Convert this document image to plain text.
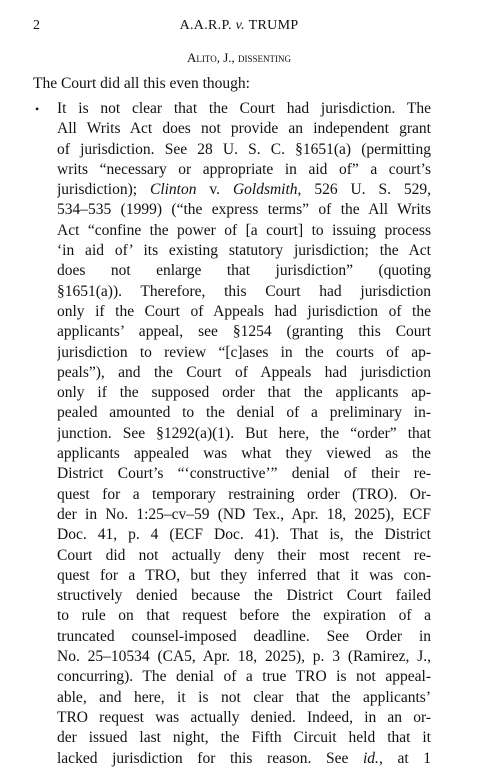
2	A.A.R.P. v. TRUMP
Alito, J., dissenting
The Court did all this even though:
• It is not clear that the Court had jurisdiction. The
All Writs Act does not provide an independent grant
of jurisdiction. See 28 U. S. C. §1651(a) (permitting
writs “necessary or appropriate in aid of” a court’s
jurisdiction); Clinton v. Goldsmith, 526 U. S. 529,
534–535 (1999) (“the express terms” of the All Writs
Act “confine the power of [a court] to issuing process
‘in aid of’ its existing statutory jurisdiction; the Act
does not enlarge that jurisdiction” (quoting
§1651(a)). Therefore, this Court had jurisdiction
only if the Court of Appeals had jurisdiction of the
applicants’ appeal, see §1254 (granting this Court
jurisdiction to review “[c]ases in the courts of ap-
peals”), and the Court of Appeals had jurisdiction
only if the supposed order that the applicants ap-
pealed amounted to the denial of a preliminary in-
junction. See §1292(a)(1). But here, the “order” that
applicants appealed was what they viewed as the
District Court’s “‘constructive’” denial of their re-
quest for a temporary restraining order (TRO). Or-
der in No. 1:25–cv–59 (ND Tex., Apr. 18, 2025), ECF
Doc. 41, p. 4 (ECF Doc. 41). That is, the District
Court did not actually deny their most recent re-
quest for a TRO, but they inferred that it was con-
structively denied because the District Court failed
to rule on that request before the expiration of a
truncated counsel-imposed deadline. See Order in
No. 25–10534 (CA5, Apr. 18, 2025), p. 3 (Ramirez, J.,
concurring). The denial of a true TRO is not appeal-
able, and here, it is not clear that the applicants’
TRO request was actually denied. Indeed, in an or-
der issued last night, the Fifth Circuit held that it
lacked jurisdiction for this reason. See id., at 1
